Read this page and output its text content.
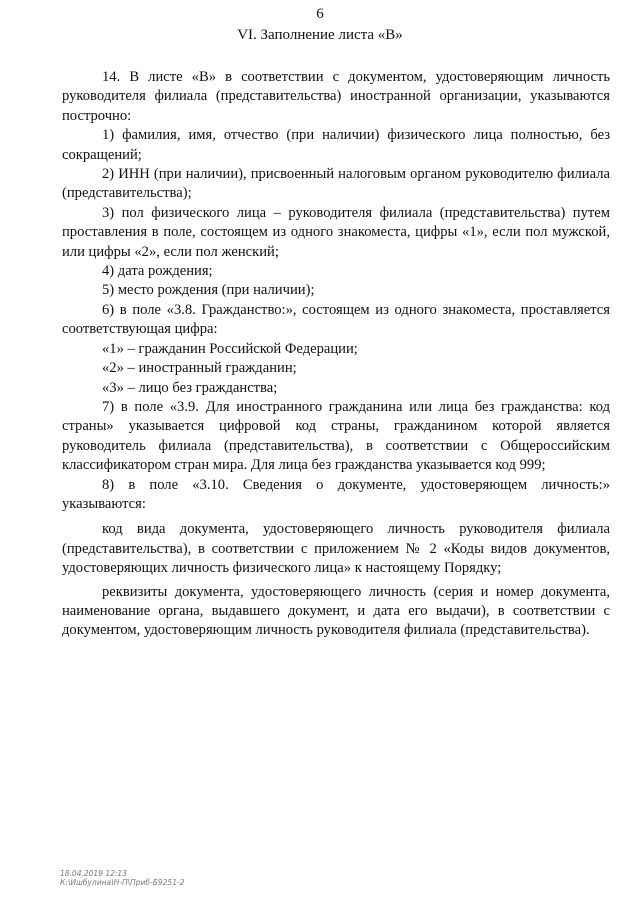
6
VI. Заполнение листа «В»

14. В листе «В» в соответствии с документом, удостоверяющим личность руководителя филиала (представительства) иностранной организации, указываются построчно:

1) фамилия, имя, отчество (при наличии) физического лица полностью, без сокращений;

2) ИНН (при наличии), присвоенный налоговым органом руководителю филиала (представительства);

3) пол физического лица – руководителя филиала (представительства) путем проставления в поле, состоящем из одного знакоместа, цифры «1», если пол мужской, или цифры «2», если пол женский;

4) дата рождения;

5) место рождения (при наличии);

6) в поле «3.8. Гражданство:», состоящем из одного знакоместа, проставляется соответствующая цифра:

«1» – гражданин Российской Федерации;

«2» – иностранный гражданин;

«3» – лицо без гражданства;

7) в поле «3.9. Для иностранного гражданина или лица без гражданства: код страны» указывается цифровой код страны, гражданином которой является руководитель филиала (представительства), в соответствии с Общероссийским классификатором стран мира. Для лица без гражданства указывается код 999;

8) в поле «3.10. Сведения о документе, удостоверяющем личность:» указываются:

код вида документа, удостоверяющего личность руководителя филиала (представительства), в соответствии с приложением № 2 «Коды видов документов, удостоверяющих личность физического лица» к настоящему Порядку;

реквизиты документа, удостоверяющего личность (серия и номер документа, наименование органа, выдавшего документ, и дата его выдачи), в соответствии с документом, удостоверяющим личность руководителя филиала (представительства).

18.04.2019 12:13
К:\Ишбулина\Н-П\Приб-Б9251-2
